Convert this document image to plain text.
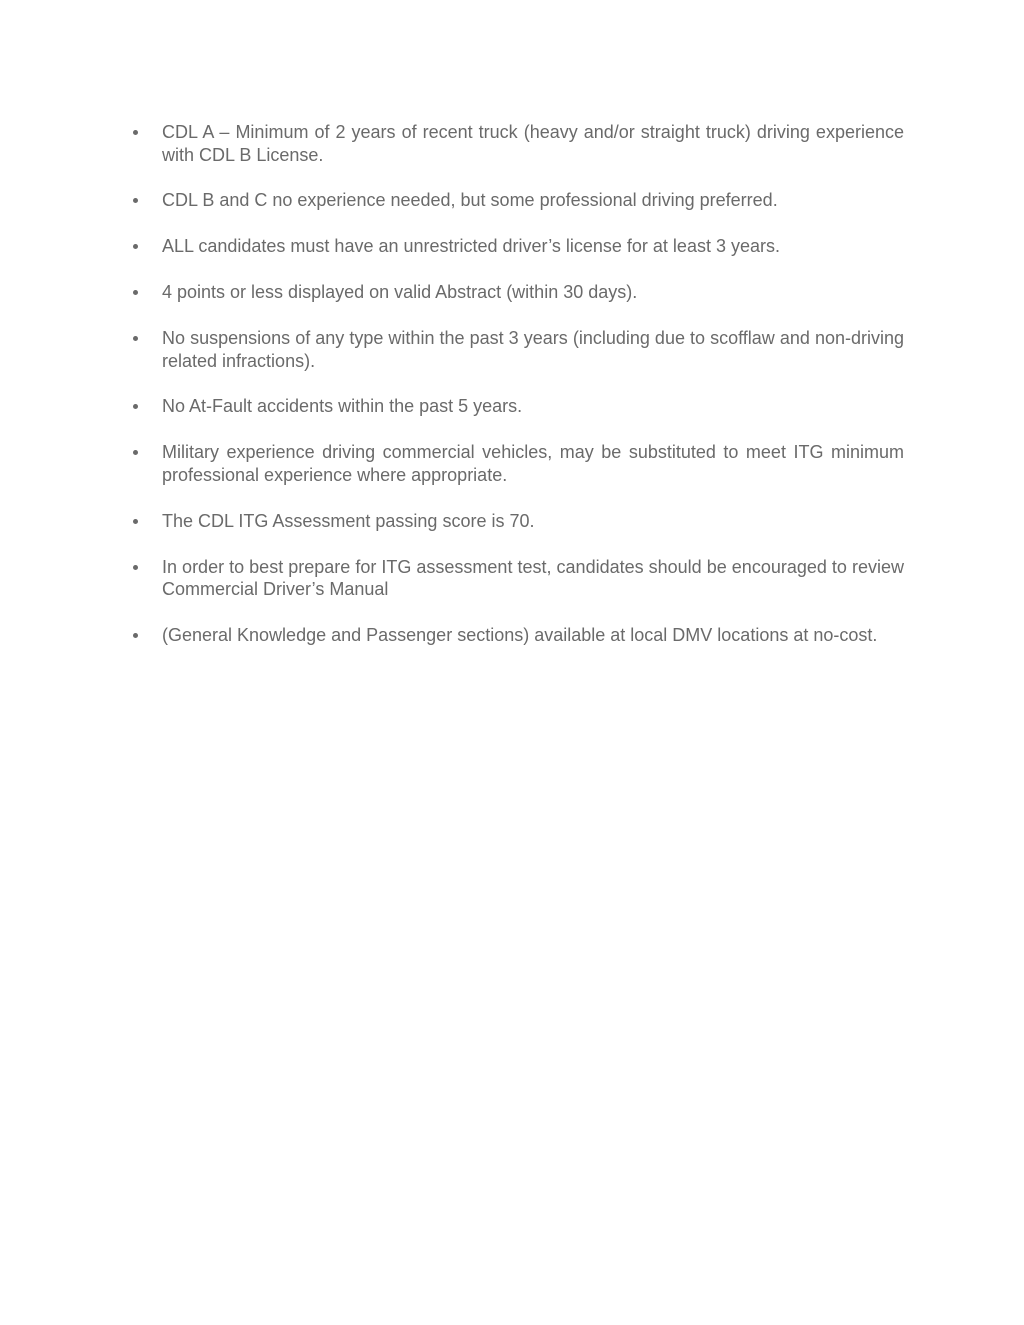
CDL A – Minimum of 2 years of recent truck (heavy and/or straight truck) driving experience with CDL B License.
CDL B and C no experience needed, but some professional driving preferred.
ALL candidates must have an unrestricted driver’s license for at least 3 years.
4 points or less displayed on valid Abstract (within 30 days).
No suspensions of any type within the past 3 years (including due to scofflaw and non-driving related infractions).
No At-Fault accidents within the past 5 years.
Military experience driving commercial vehicles, may be substituted to meet ITG minimum professional experience where appropriate.
The CDL ITG Assessment passing score is 70.
In order to best prepare for ITG assessment test, candidates should be encouraged to review Commercial Driver’s Manual
(General Knowledge and Passenger sections) available at local DMV locations at no-cost.
